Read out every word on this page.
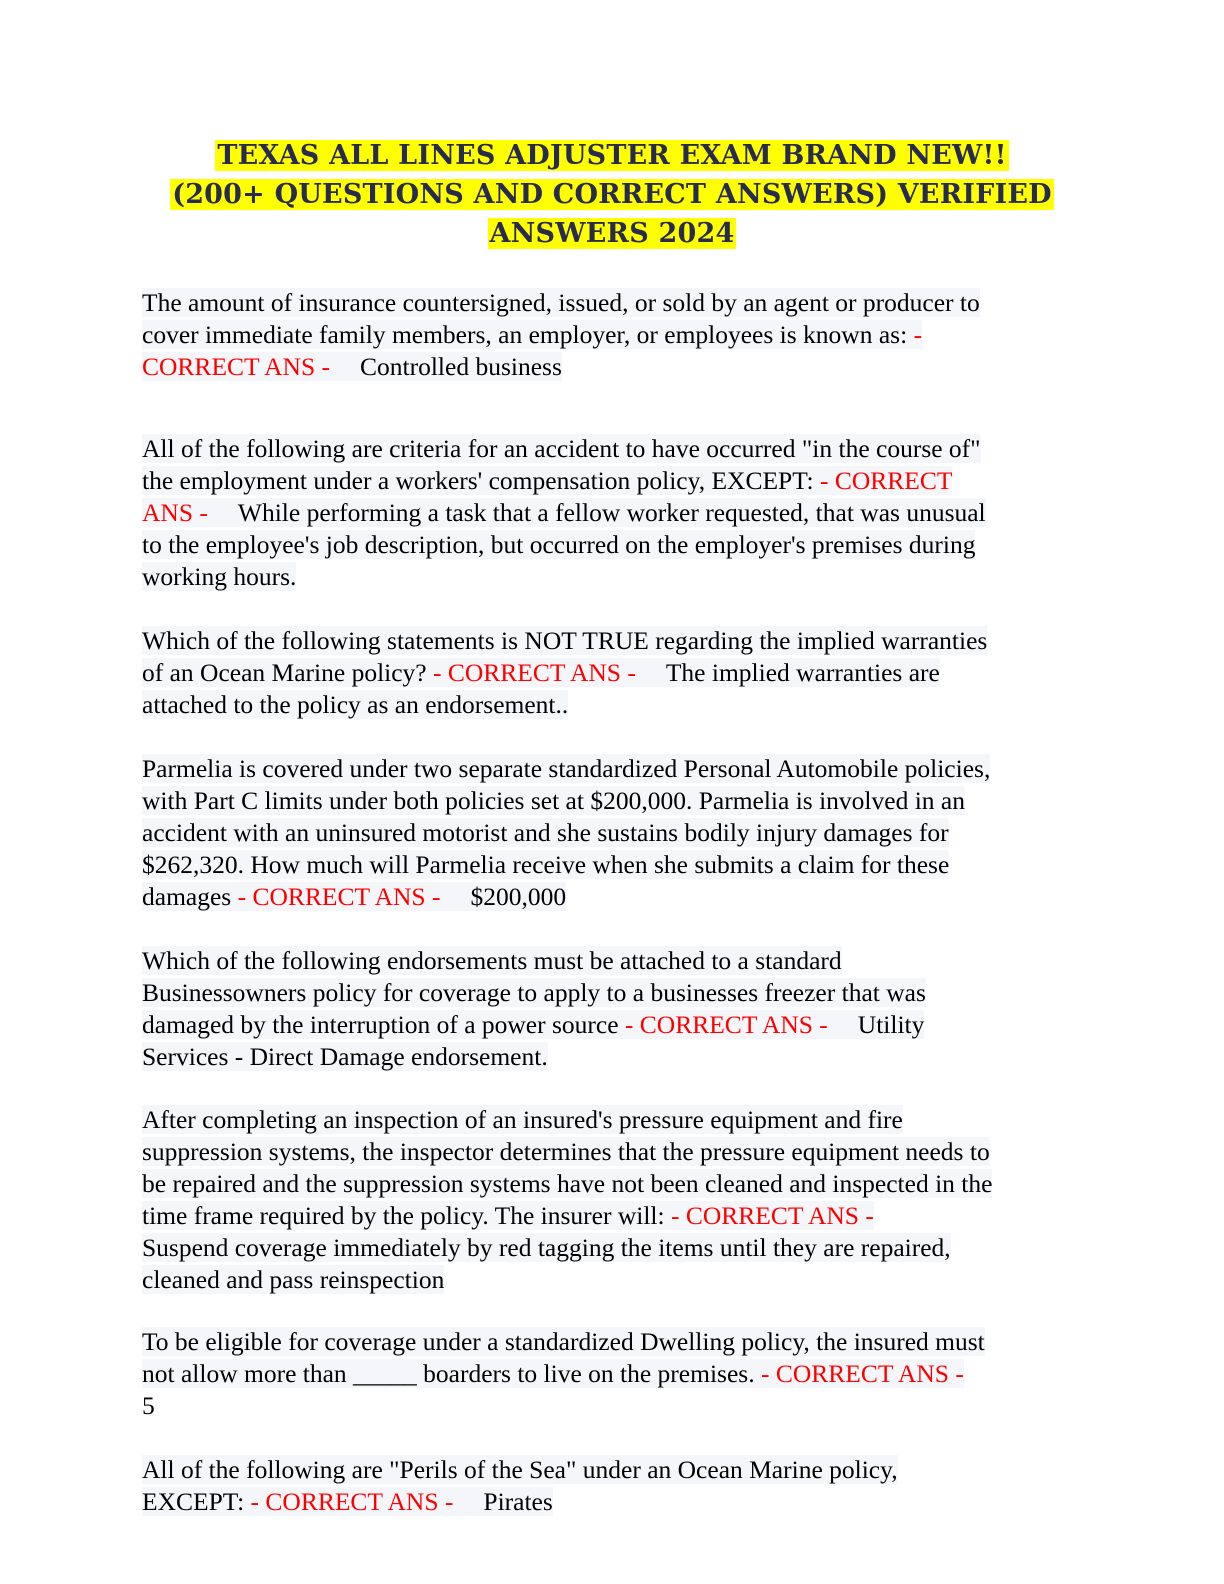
TEXAS ALL LINES ADJUSTER EXAM BRAND NEW!!
(200+ QUESTIONS AND CORRECT ANSWERS) VERIFIED
ANSWERS 2024
The amount of insurance countersigned, issued, or sold by an agent or producer to
cover immediate family members, an employer, or employees is known as: -
CORRECT ANS - Controlled business
All of the following are criteria for an accident to have occurred "in the course of"
the employment under a workers' compensation policy, EXCEPT: - CORRECT
ANS - While performing a task that a fellow worker requested, that was unusual
to the employee's job description, but occurred on the employer's premises during
working hours.
Which of the following statements is NOT TRUE regarding the implied warranties
of an Ocean Marine policy? - CORRECT ANS - The implied warranties are
attached to the policy as an endorsement..
Parmelia is covered under two separate standardized Personal Automobile policies,
with Part C limits under both policies set at $200,000. Parmelia is involved in an
accident with an uninsured motorist and she sustains bodily injury damages for
$262,320. How much will Parmelia receive when she submits a claim for these
damages - CORRECT ANS - $200,000
Which of the following endorsements must be attached to a standard
Businessowners policy for coverage to apply to a businesses freezer that was
damaged by the interruption of a power source - CORRECT ANS - Utility
Services - Direct Damage endorsement.
After completing an inspection of an insured's pressure equipment and fire
suppression systems, the inspector determines that the pressure equipment needs to
be repaired and the suppression systems have not been cleaned and inspected in the
time frame required by the policy. The insurer will: - CORRECT ANS -
Suspend coverage immediately by red tagging the items until they are repaired,
cleaned and pass reinspection
To be eligible for coverage under a standardized Dwelling policy, the insured must
not allow more than _____ boarders to live on the premises. - CORRECT ANS -
5
All of the following are "Perils of the Sea" under an Ocean Marine policy,
EXCEPT: - CORRECT ANS - Pirates
